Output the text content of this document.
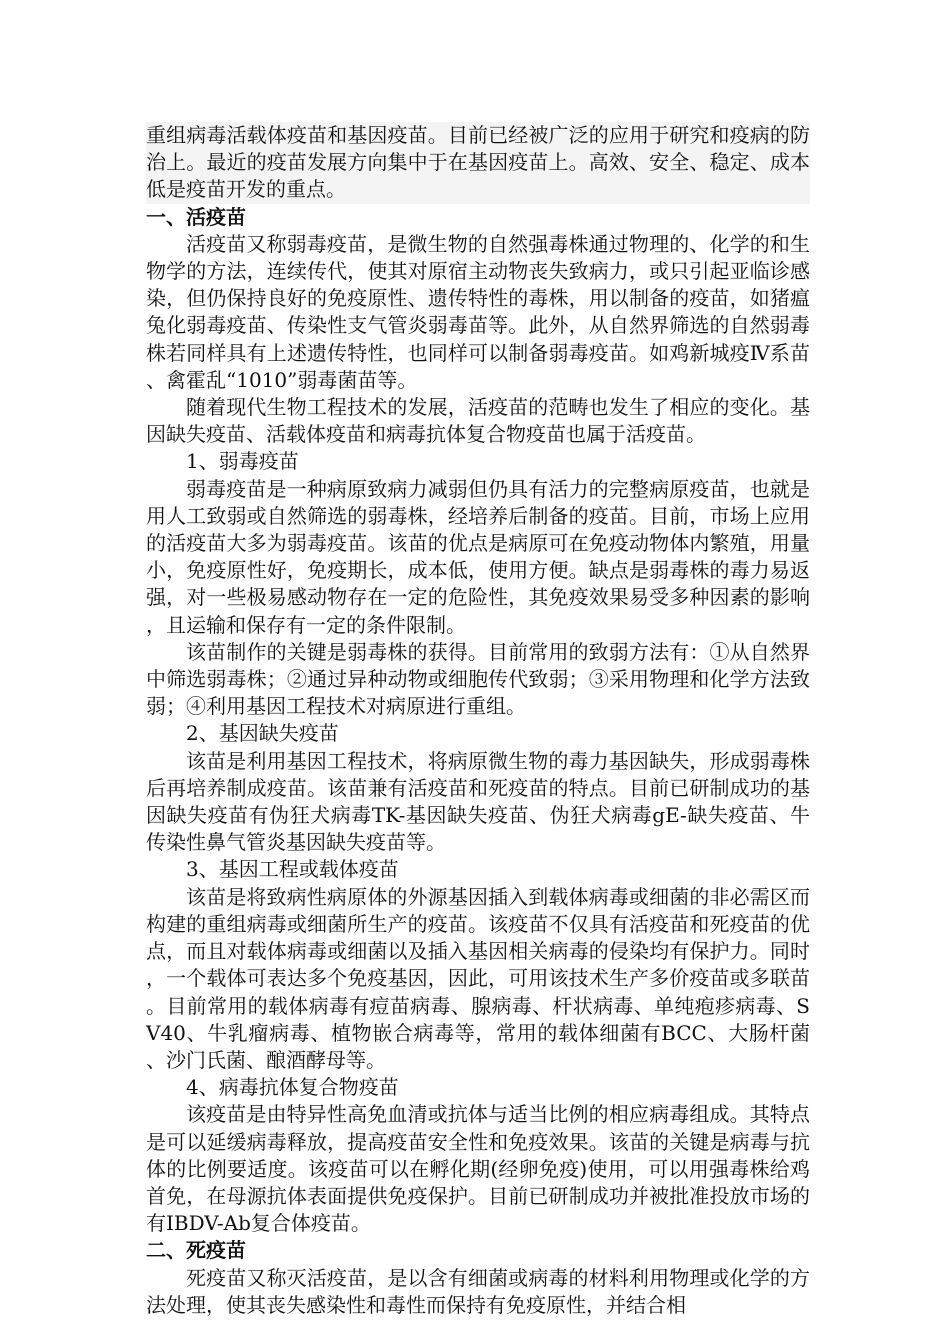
重组病毒活载体疫苗和基因疫苗。目前已经被广泛的应用于研究和疫病的防治上。最近的疫苗发展方向集中于在基因疫苗上。高效、安全、稳定、成本低是疫苗开发的重点。

一、活疫苗

活疫苗又称弱毒疫苗，是微生物的自然强毒株通过物理的、化学的和生物学的方法，连续传代，使其对原宿主动物丧失致病力，或只引起亚临诊感染，但仍保持良好的免疫原性、遗传特性的毒株，用以制备的疫苗，如猪瘟兔化弱毒疫苗、传染性支气管炎弱毒苗等。此外，从自然界筛选的自然弱毒株若同样具有上述遗传特性，也同样可以制备弱毒疫苗。如鸡新城疫Ⅳ系苗、禽霍乱“1010”弱毒菌苗等。

随着现代生物工程技术的发展，活疫苗的范畴也发生了相应的变化。基因缺失疫苗、活载体疫苗和病毒抗体复合物疫苗也属于活疫苗。

1、弱毒疫苗

弱毒疫苗是一种病原致病力减弱但仍具有活力的完整病原疫苗，也就是用人工致弱或自然筛选的弱毒株，经培养后制备的疫苗。目前，市场上应用的活疫苗大多为弱毒疫苗。该苗的优点是病原可在免疫动物体内繁殖，用量小，免疫原性好，免疫期长，成本低，使用方便。缺点是弱毒株的毒力易返强，对一些极易感动物存在一定的危险性，其免疫效果易受多种因素的影响，且运输和保存有一定的条件限制。

该苗制作的关键是弱毒株的获得。目前常用的致弱方法有：①从自然界中筛选弱毒株；②通过异种动物或细胞传代致弱；③采用物理和化学方法致弱；④利用基因工程技术对病原进行重组。

2、基因缺失疫苗

该苗是利用基因工程技术，将病原微生物的毒力基因缺失，形成弱毒株后再培养制成疫苗。该苗兼有活疫苗和死疫苗的特点。目前已研制成功的基因缺失疫苗有伪狂犬病毒TK-基因缺失疫苗、伪狂犬病毒gE-缺失疫苗、牛传染性鼻气管炎基因缺失疫苗等。

3、基因工程或载体疫苗

该苗是将致病性病原体的外源基因插入到载体病毒或细菌的非必需区而构建的重组病毒或细菌所生产的疫苗。该疫苗不仅具有活疫苗和死疫苗的优点，而且对载体病毒或细菌以及插入基因相关病毒的侵染均有保护力。同时，一个载体可表达多个免疫基因，因此，可用该技术生产多价疫苗或多联苗。目前常用的载体病毒有痘苗病毒、腺病毒、杆状病毒、单纯疱疹病毒、SV40、牛乳瘤病毒、植物嵌合病毒等，常用的载体细菌有BCC、大肠杆菌、沙门氏菌、酿酒酵母等。

4、病毒抗体复合物疫苗

该疫苗是由特异性高免血清或抗体与适当比例的相应病毒组成。其特点是可以延缓病毒释放，提高疫苗安全性和免疫效果。该苗的关键是病毒与抗体的比例要适度。该疫苗可以在孵化期(经卵免疫)使用，可以用强毒株给鸡首免，在母源抗体表面提供免疫保护。目前已研制成功并被批准投放市场的有IBDV-Ab复合体疫苗。

二、死疫苗

死疫苗又称灭活疫苗，是以含有细菌或病毒的材料利用物理或化学的方法处理，使其丧失感染性和毒性而保持有免疫原性，并结合相
